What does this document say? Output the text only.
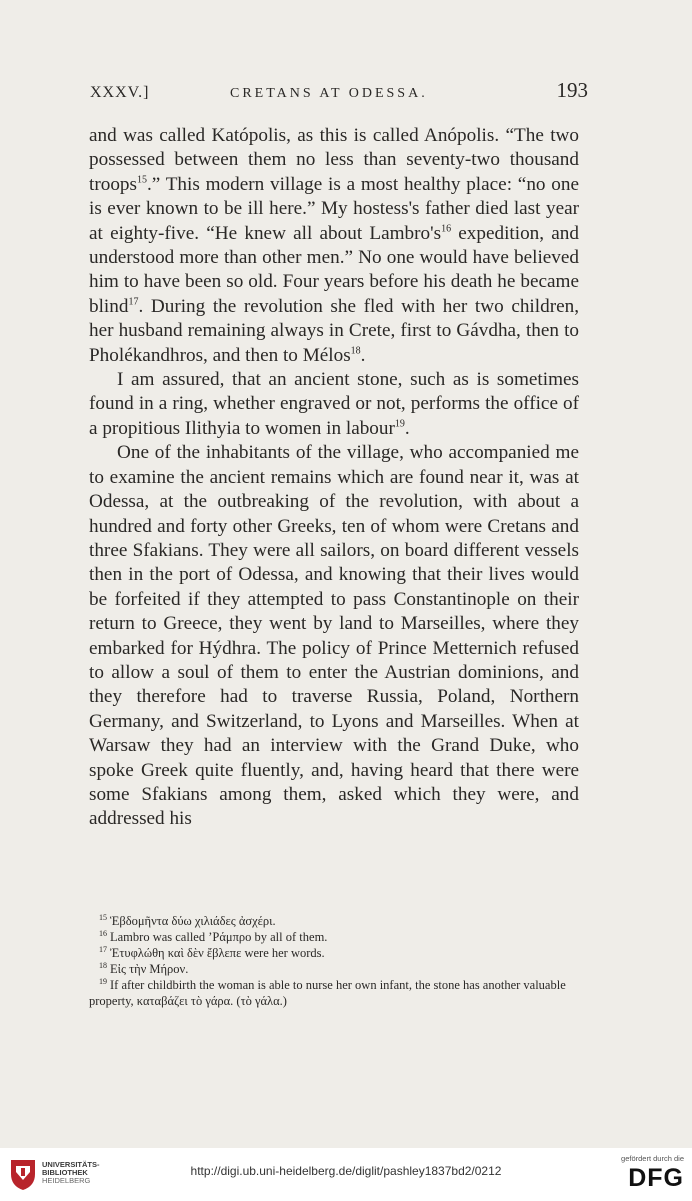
XXXV.]	CRETANS AT ODESSA.	193

and was called Katópolis, as this is called Anópolis. “The two possessed between them no less than seventy-two thousand troops$^{15}$.” This modern village is a most healthy place: “no one is ever known to be ill here.” My hostess's father died last year at eighty-five. “He knew all about $Lambro's^{16}$ expedition, and understood more than other men.” No one would have believed him to have been so old. Four years before his death he became blind$^{17}$. During the revolution she fled with her two children, her husband remaining always in Crete, first to Gávdha, then to Pholékandhros, and then to Mélos$^{18}$.

I am assured, that an ancient stone, such as is sometimes found in a ring, whether engraved or not, performs the office of a propitious Ilithyia to women in labour$^{19}$.

One of the inhabitants of the village, who accompanied me to examine the ancient remains which are found near it, was at Odessa, at the outbreaking of the revolution, with about a hundred and forty other Greeks, ten of whom were Cretans and three Sfakians. They were all sailors, on board different vessels then in the port of Odessa, and knowing that their lives would be forfeited if they attempted to pass Constantinople on their return to Greece, they went by land to Marseilles, where they embarked for Hýdhra. The policy of Prince Metternich refused to allow a soul of them to enter the Austrian dominions, and they therefore had to traverse Russia, Poland, Northern Germany, and Switzerland, to Lyons and Marseilles. When at Warsaw they had an interview with the Grand Duke, who spoke Greek quite fluently, and, having heard that there were some Sfakians among them, asked which they were, and addressed his

$^{15}$ Ἑβδομῆντα δύω χιλιάδες ἀσχέρι.

$^{16}$ Lambro was called ʼΡάμπρο by all of them.

$^{17}$ Ἐτυφλώθη καὶ δὲν ἔβλεπε were her words.

$^{18}$ Εἰς τὴν Μήρον.

$^{19}$ If after childbirth the woman is able to nurse her own infant, the stone has another valuable property, καταβάζει τὸ γάρα. (τὸ γάλα.)

UNIVERSITÄTS-
BIBLIOTHEK
HEIDELBERG
http://digi.ub.uni-heidelberg.de/diglit/pashley1837bd2/0212
gefördert durch die
DFG
